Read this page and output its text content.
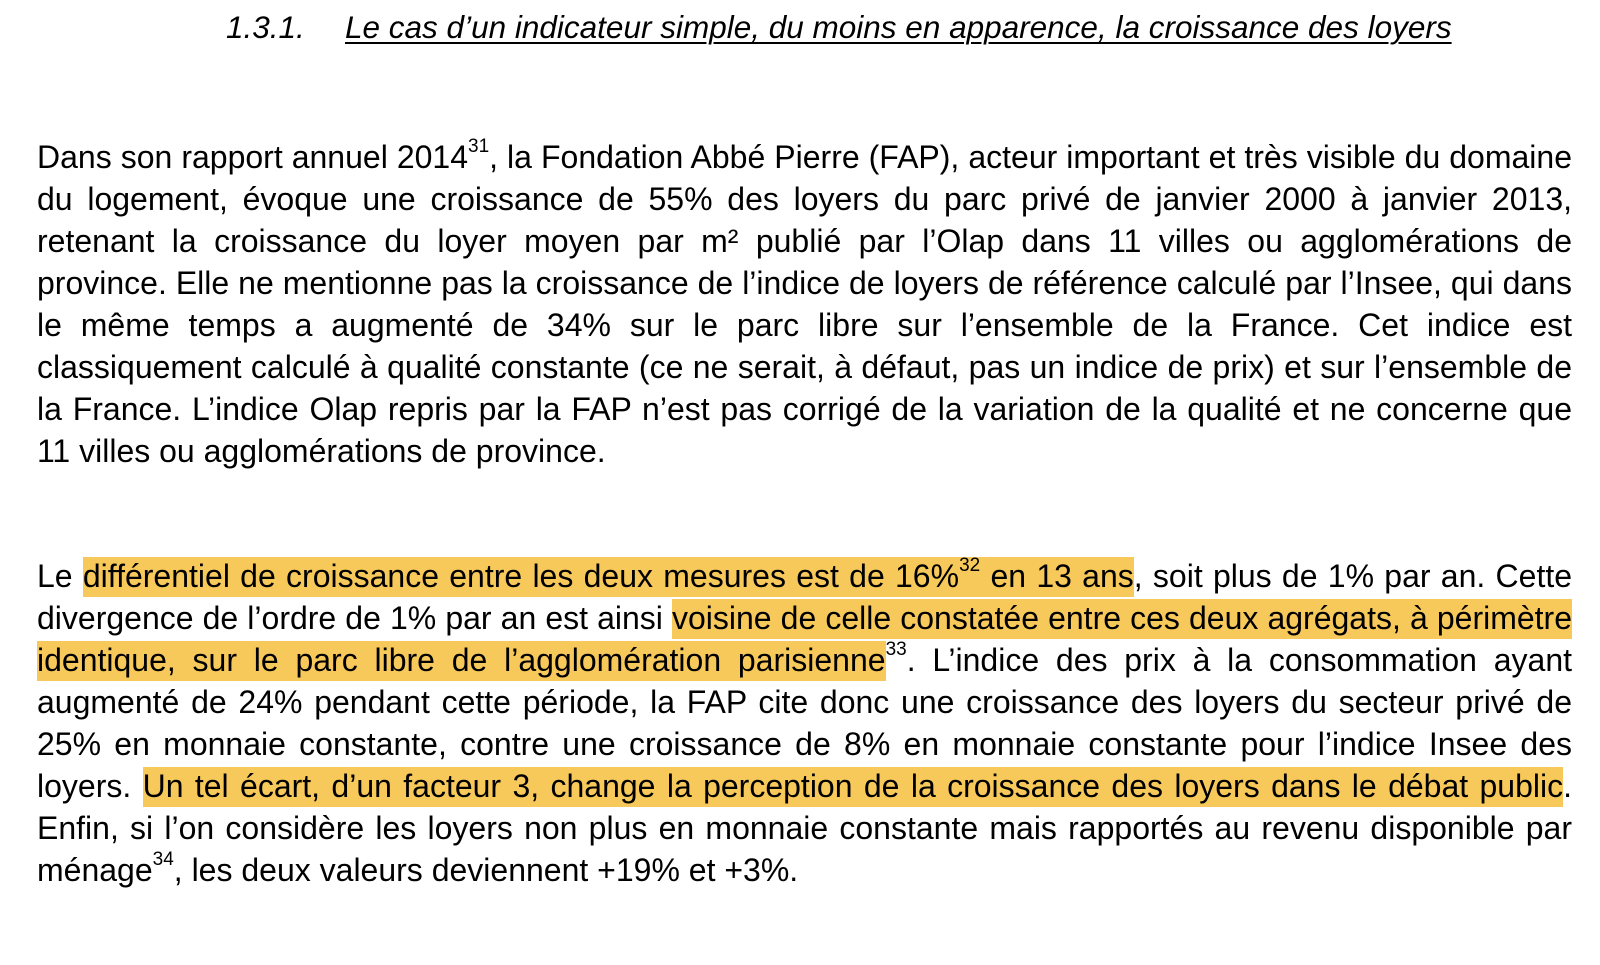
1.3.1.	Le cas d’un indicateur simple, du moins en apparence, la croissance des loyers

Dans son rapport annuel 2014$^{31}$, la Fondation Abbé Pierre (FAP), acteur important et très visible du domaine du logement, évoque une croissance de 55% des loyers du parc privé de janvier 2000 à janvier 2013, retenant la croissance du loyer moyen par m² publié par l’Olap dans 11 villes ou agglomérations de province. Elle ne mentionne pas la croissance de l’indice de loyers de référence calculé par l’Insee, qui dans le même temps a augmenté de 34% sur le parc libre sur l’ensemble de la France. Cet indice est classiquement calculé à qualité constante (ce ne serait, à défaut, pas un indice de prix) et sur l’ensemble de la France. L’indice Olap repris par la FAP n’est pas corrigé de la variation de la qualité et ne concerne que 11 villes ou agglomérations de province.

Le différentiel de croissance entre les deux mesures est de 16%$^{32}$ en 13 ans, soit plus de 1% par an. Cette divergence de l’ordre de 1% par an est ainsi voisine de celle constatée entre ces deux agrégats, à périmètre identique, sur le parc libre de l’agglomération parisienne$^{33}$. L’indice des prix à la consommation ayant augmenté de 24% pendant cette période, la FAP cite donc une croissance des loyers du secteur privé de 25% en monnaie constante, contre une croissance de 8% en monnaie constante pour l’indice Insee des loyers. Un tel écart, d’un facteur 3, change la perception de la croissance des loyers dans le débat public. Enfin, si l’on considère les loyers non plus en monnaie constante mais rapportés au revenu disponible par ménage$^{34}$, les deux valeurs deviennent +19% et +3%.
